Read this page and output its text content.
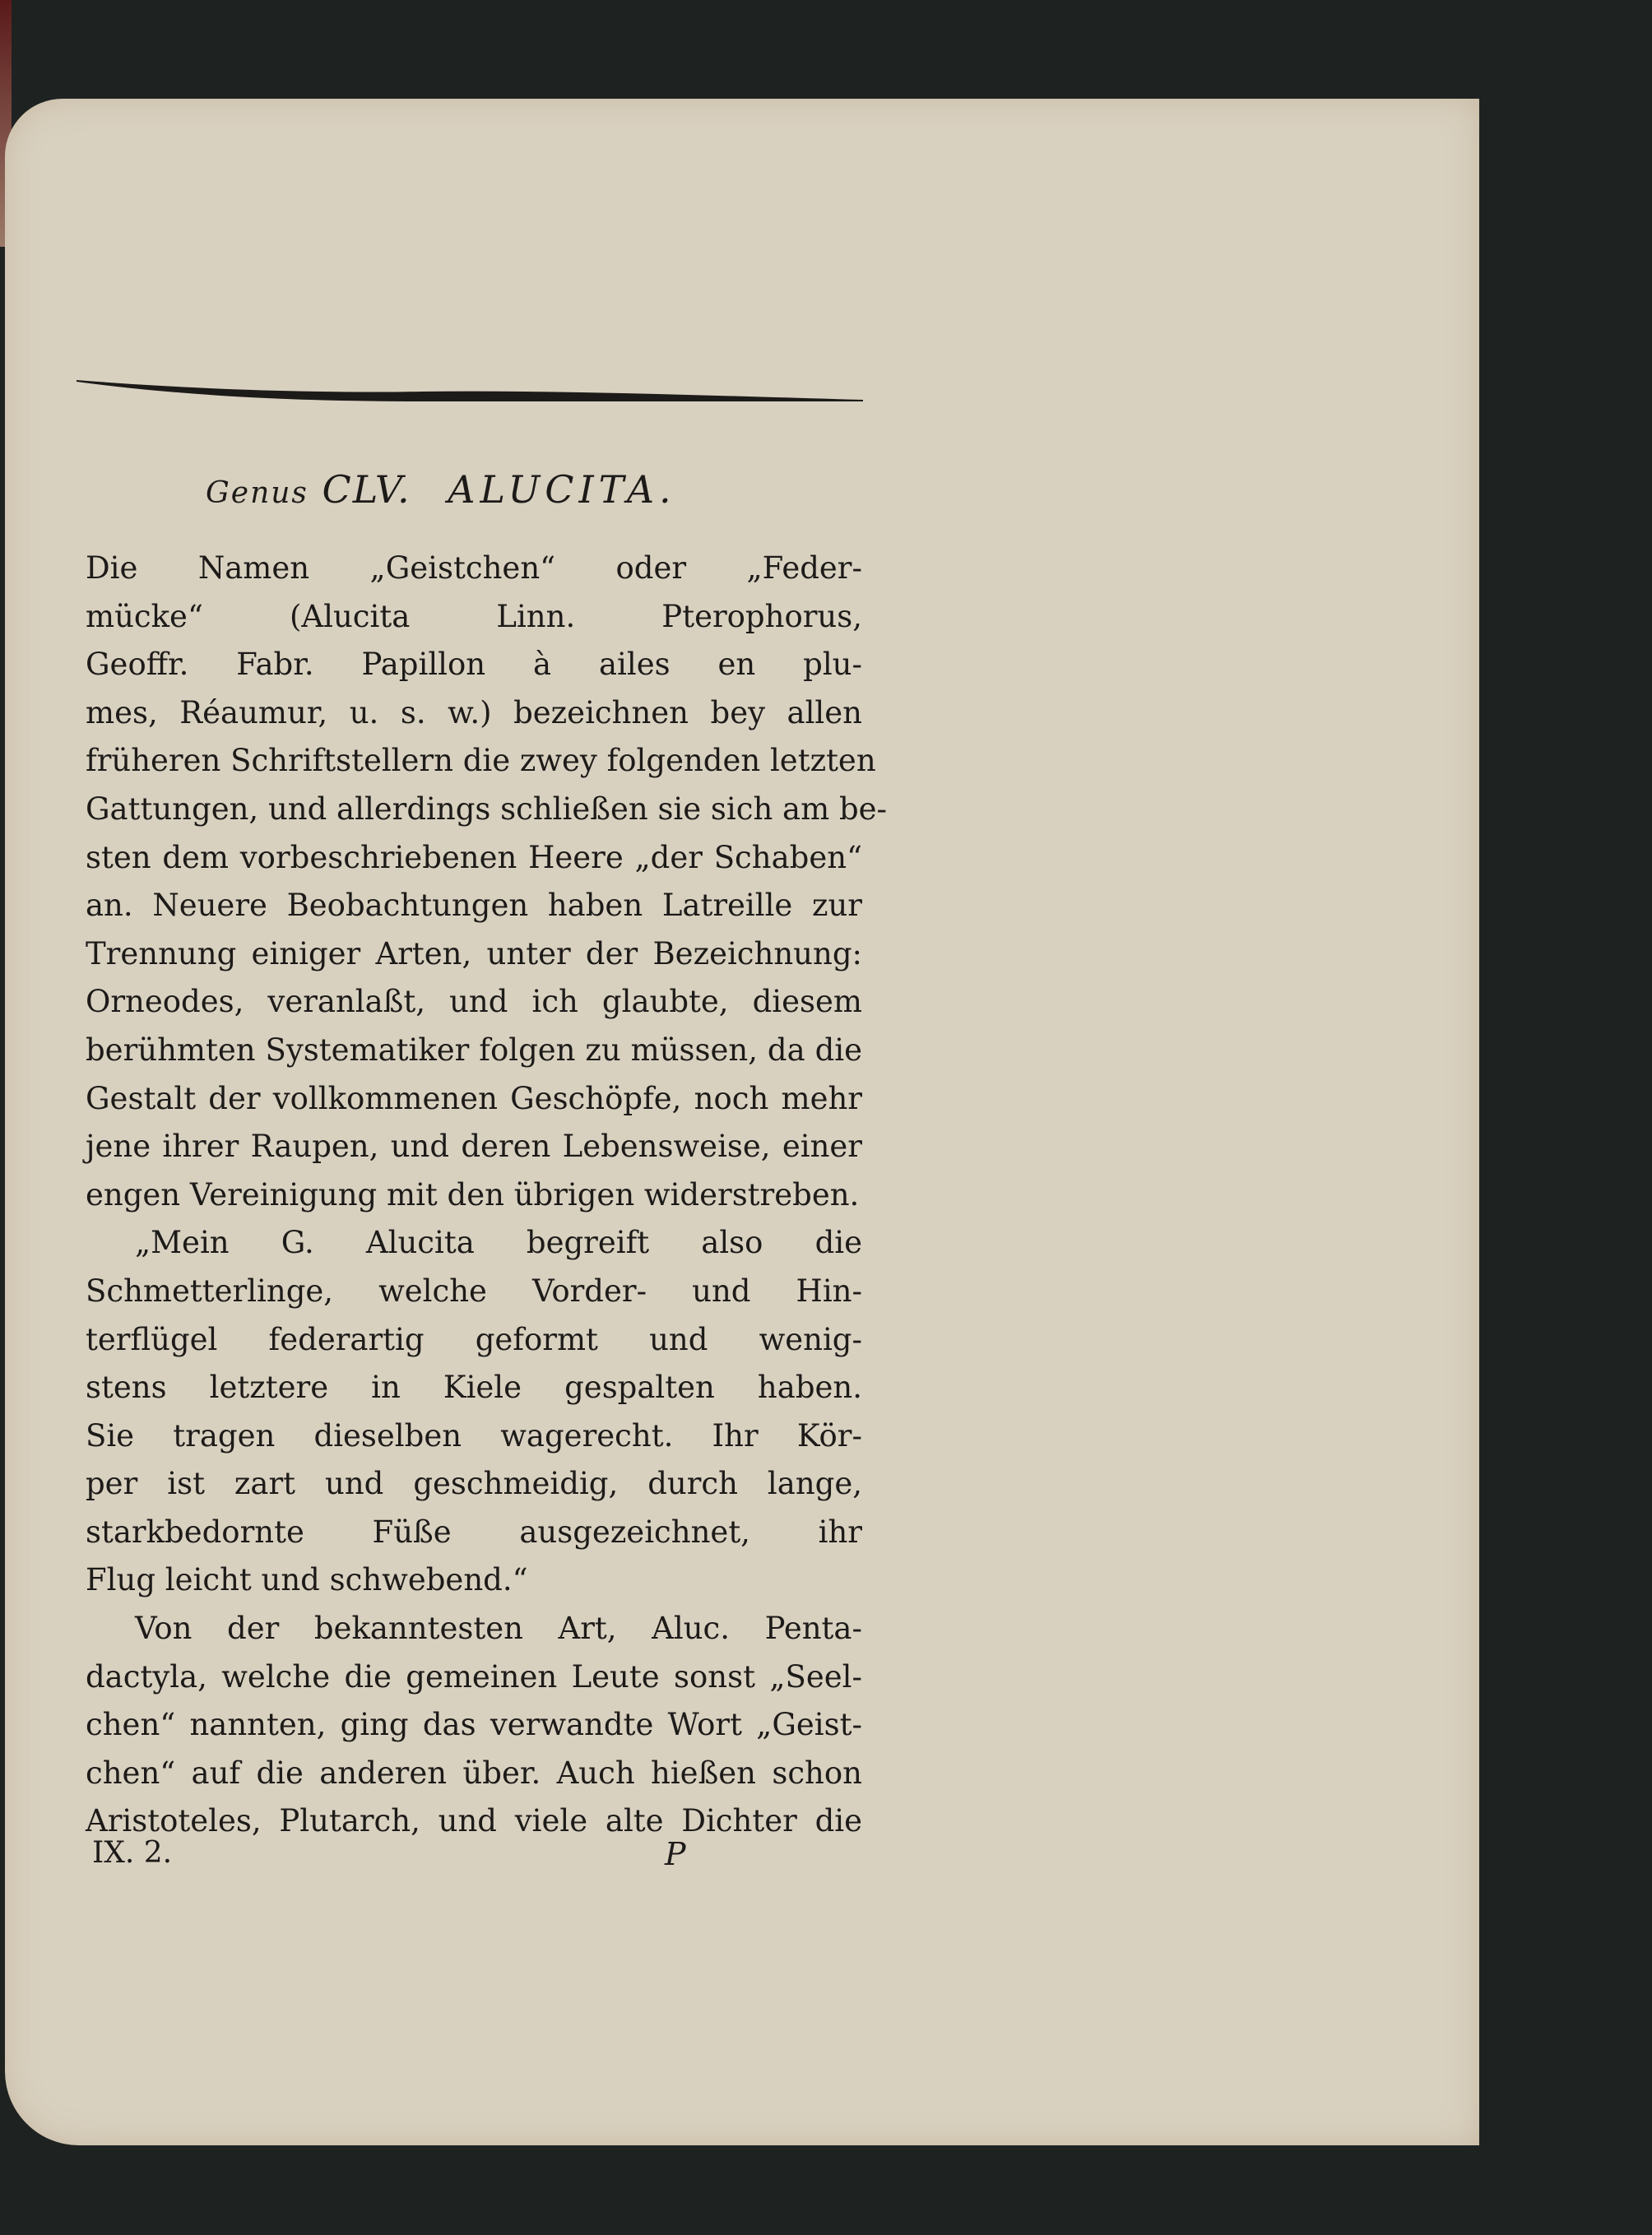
Genus CLV. ALUCITA.
Die Namen „Geistchen“ oder „Feder-
mücke“ (Alucita Linn. Pterophorus,
Geoffr. Fabr. Papillon à ailes en plu-
mes, Réaumur, u. s. w.) bezeichnen bey allen
früheren Schriftstellern die zwey folgenden letzten
Gattungen, und allerdings schließen sie sich am be-
sten dem vorbeschriebenen Heere „der Schaben“
an. Neuere Beobachtungen haben Latreille zur
Trennung einiger Arten, unter der Bezeichnung:
Orneodes, veranlaßt, und ich glaubte, diesem
berühmten Systematiker folgen zu müssen, da die
Gestalt der vollkommenen Geschöpfe, noch mehr
jene ihrer Raupen, und deren Lebensweise, einer
engen Vereinigung mit den übrigen widerstreben.
„Mein G. Alucita begreift also die
Schmetterlinge, welche Vorder- und Hin-
terflügel federartig geformt und wenig-
stens letztere in Kiele gespalten haben.
Sie tragen dieselben wagerecht. Ihr Kör-
per ist zart und geschmeidig, durch lange,
starkbedornte Füße ausgezeichnet, ihr
Flug leicht und schwebend.“
Von der bekanntesten Art, Aluc. Penta-
dactyla, welche die gemeinen Leute sonst „Seel-
chen“ nannten, ging das verwandte Wort „Geist-
chen“ auf die anderen über. Auch hießen schon
Aristoteles, Plutarch, und viele alte Dichter die
IX. 2.	P
